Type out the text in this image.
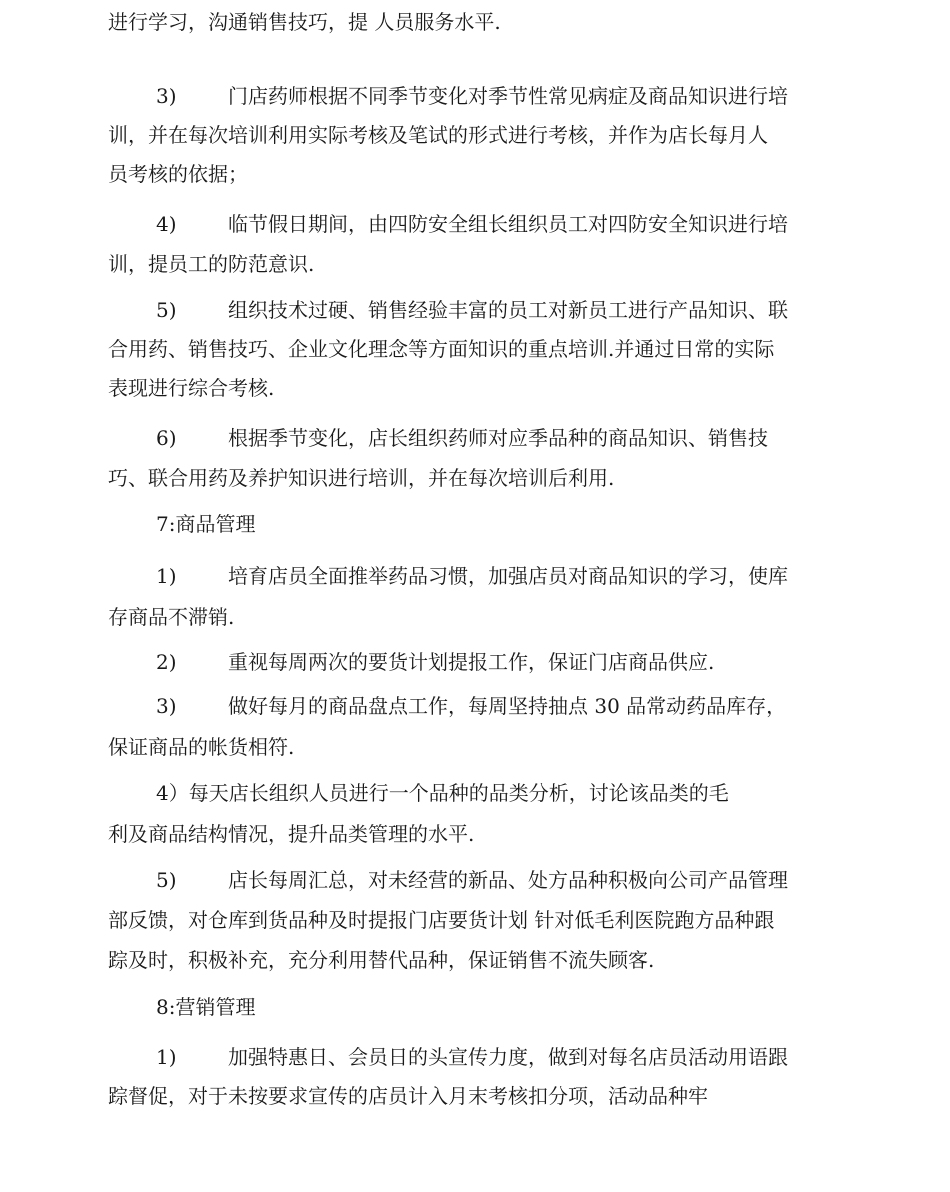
进行学习，沟通销售技巧，提 人员服务水平.
3)	门店药师根据不同季节变化对季节性常见病症及商品知识进行培
训，并在每次培训利用实际考核及笔试的形式进行考核，并作为店长每月人
员考核的依据；
4)	临节假日期间，由四防安全组长组织员工对四防安全知识进行培
训，提员工的防范意识.
5)	组织技术过硬、销售经验丰富的员工对新员工进行产品知识、联
合用药、销售技巧、企业文化理念等方面知识的重点培训.并通过日常的实际
表现进行综合考核.
6)	根据季节变化，店长组织药师对应季品种的商品知识、销售技
巧、联合用药及养护知识进行培训，并在每次培训后利用.
7:商品管理
1)	培育店员全面推举药品习惯，加强店员对商品知识的学习，使库
存商品不滞销.
2)	重视每周两次的要货计划提报工作，保证门店商品供应.
3)	做好每月的商品盘点工作，每周坚持抽点 30 品常动药品库存，
保证商品的帐货相符.
4）每天店长组织人员进行一个品种的品类分析，讨论该品类的毛
利及商品结构情况，提升品类管理的水平.
5)	店长每周汇总，对未经营的新品、处方品种积极向公司产品管理
部反馈，对仓库到货品种及时提报门店要货计划 针对低毛利医院跑方品种跟
踪及时，积极补充，充分利用替代品种，保证销售不流失顾客.
8:营销管理
1)	加强特惠日、会员日的头宣传力度，做到对每名店员活动用语跟
踪督促，对于未按要求宣传的店员计入月末考核扣分项，活动品种牢
